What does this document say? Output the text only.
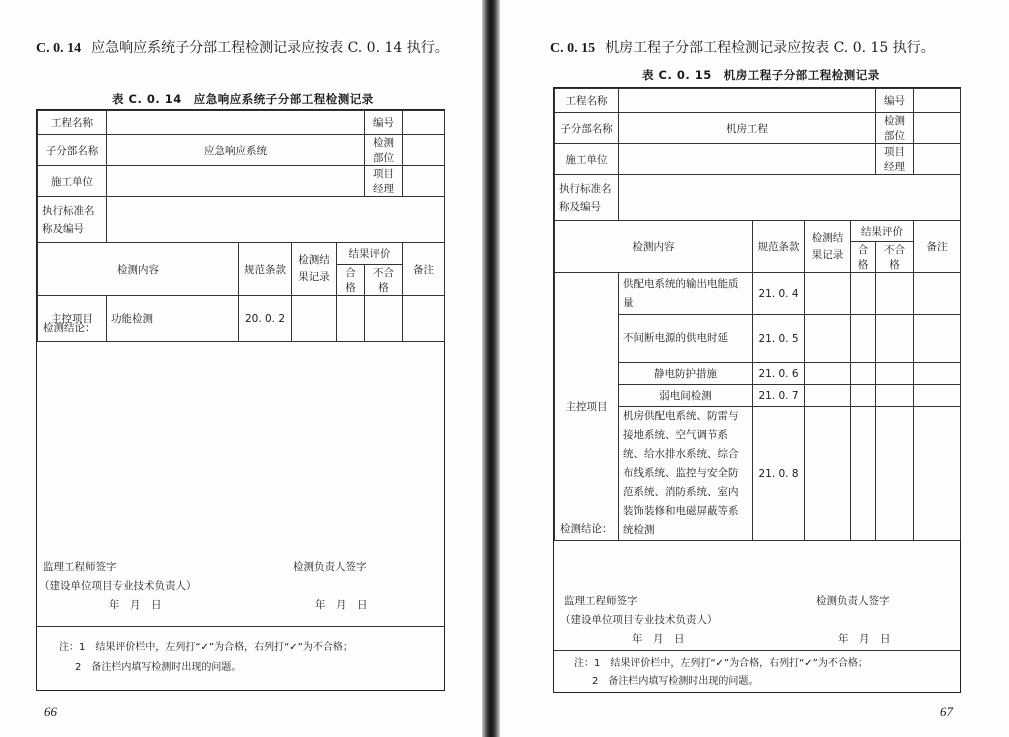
C. 0. 14 应急响应系统子分部工程检测记录应按表 C. 0. 14 执行。
表 C. 0. 14　应急响应系统子分部工程检测记录
工程名称					编号	
子分部名称	应急响应系统				检测部位	
施工单位					项目经理	
执行标准名称及编号						
检测内容		规范条款	检测结果记录	结果评价		备注
				合格	不合格	
主控项目	功能检测	20. 0. 2				
检测结论：
监理工程师签字
（建设单位项目专业技术负责人）
年　月　日
检测负责人签字
年　月　日
注：1　结果评价栏中，左列打“✓”为合格，右列打“✓”为不合格；
2　备注栏内填写检测时出现的问题。
66
C. 0. 15 机房工程子分部工程检测记录应按表 C. 0. 15 执行。
表 C. 0. 15　机房工程子分部工程检测记录
工程名称					编号	
子分部名称	机房工程				检测部位	
施工单位					项目经理	
执行标准名称及编号						
检测内容		规范条款	检测结果记录	结果评价		备注
				合格	不合格	
主控项目	供配电系统的输出电能质量	21. 0. 4				
	不间断电源的供电时延	21. 0. 5				
	静电防护措施	21. 0. 6				
	弱电间检测	21. 0. 7				
	机房供配电系统、防雷与接地系统、空气调节系统、给水排水系统、综合布线系统、监控与安全防范系统、消防系统、室内装饰装修和电磁屏蔽等系统检测	21. 0. 8				
检测结论：
监理工程师签字
（建设单位项目专业技术负责人）
年　月　日
检测负责人签字
年　月　日
注：1　结果评价栏中，左列打“✓”为合格，右列打“✓”为不合格；
2　备注栏内填写检测时出现的问题。
67
